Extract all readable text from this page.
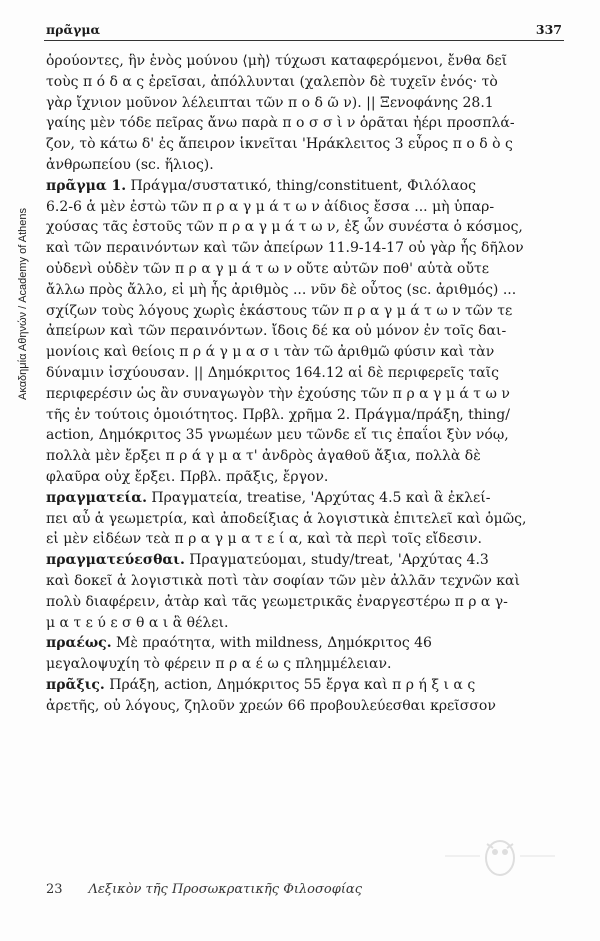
Ακαδημία Αθηνών / Academy of Athens
πρᾶγμα	337

ὁρούοντες, ἣν ἑνὸς μούνου ⟨μὴ⟩ τύχωσι καταφερόμενοι, ἔνθα δεῖ
τοὺς π ό δ α ς ἐρεῖσαι, ἀπόλλυνται (χαλεπὸν δὲ τυχεῖν ἑνός· τὸ
γὰρ ἴχνιον μοῦνον λέλειπται τῶν π ο δ ῶ ν). || Ξενοφάνης 28.1
γαίης μὲν τόδε πεῖρας ἄνω παρὰ π ο σ σ ὶ ν ὁρᾶται ἠέρι προσπλά-
ζον, τὸ κάτω δ' ἐς ἄπειρον ἱκνεῖται 'Ηράκλειτος 3 εὖρος π ο δ ὸ ς
ἀνθρωπείου (sc. ἥλιος).

πρᾶγμα 1. Πράγμα/συστατικό, thing/constituent, Φιλόλαος
6.2-6 ἁ μὲν ἐστὼ τῶν π ρ α γ μ ά τ ω ν ἀίδιος ἔσσα ... μὴ ὑπαρ-
χούσας τᾶς ἐστοῦς τῶν π ρ α γ μ ά τ ω ν, ἐξ ὧν συνέστα ὁ κόσμος,
καὶ τῶν περαινόντων καὶ τῶν ἀπείρων 11.9-14-17 οὐ γὰρ ἧς δῆλον
οὐδενὶ οὐδὲν τῶν π ρ α γ μ ά τ ω ν οὔτε αὐτῶν ποθ' αὑτὰ οὔτε
ἄλλω πρὸς ἄλλο, εἰ μὴ ἧς ἀριθμὸς ... νῦν δὲ οὗτος (sc. ἀριθμός) ...
σχίζων τοὺς λόγους χωρὶς ἑκάστους τῶν π ρ α γ μ ά τ ω ν τῶν τε
ἀπείρων καὶ τῶν περαινόντων. ἴδοις δέ κα οὐ μόνον ἐν τοῖς δαι-
μονίοις καὶ θείοις π ρ ά γ μ α σ ι τὰν τῶ ἀριθμῶ φύσιν καὶ τὰν
δύναμιν ἰσχύουσαν. || Δημόκριτος 164.12 αἱ δὲ περιφερεῖς ταῖς
περιφερέσιν ὡς ἂν συναγωγὸν τὴν ἐχούσης τῶν π ρ α γ μ ά τ ω ν
τῆς ἐν τούτοις ὁμοιότητος. Πρβλ. χρῆμα 2. Πράγμα/πράξη, thing/
action, Δημόκριτος 35 γνωμέων μευ τῶνδε εἴ τις ἐπαΐοι ξὺν νόῳ,
πολλὰ μὲν ἔρξει π ρ ά γ μ α τ' ἀνδρὸς ἀγαθοῦ ἄξια, πολλὰ δὲ
φλαῦρα οὐχ ἔρξει. Πρβλ. πρᾶξις, ἔργον.

πραγματεία. Πραγματεία, treatise, 'Αρχύτας 4.5 καὶ ἃ ἐκλεί-
πει αὖ ἁ γεωμετρία, καὶ ἀποδείξιας ἁ λογιστικὰ ἐπιτελεῖ καὶ ὁμῶς,
εἰ μὲν εἰδέων τεὰ π ρ α γ μ α τ ε ί α, καὶ τὰ περὶ τοῖς εἴδεσιν.

πραγματεύεσθαι. Πραγματεύομαι, study/treat, 'Αρχύτας 4.3
καὶ δοκεῖ ἁ λογιστικὰ ποτὶ τὰν σοφίαν τῶν μὲν ἀλλᾶν τεχνῶν καὶ
πολὺ διαφέρειν, ἀτὰρ καὶ τᾶς γεωμετρικᾶς ἐναργεστέρω π ρ α γ-
μ α τ ε ύ ε σ θ α ι ἃ θέλει.

πραέως. Μὲ πραότητα, with mildness, Δημόκριτος 46
μεγαλοψυχίη τὸ φέρειν π ρ α έ ω ς πλημμέλειαν.

πρᾶξις. Πράξη, action, Δημόκριτος 55 ἔργα καὶ π ρ ή ξ ι α ς
ἀρετῆς, οὐ λόγους, ζηλοῦν χρεών 66 προβουλεύεσθαι κρεῖσσον

23 Λεξικὸν τῆς Προσωκρατικῆς Φιλοσοφίας
